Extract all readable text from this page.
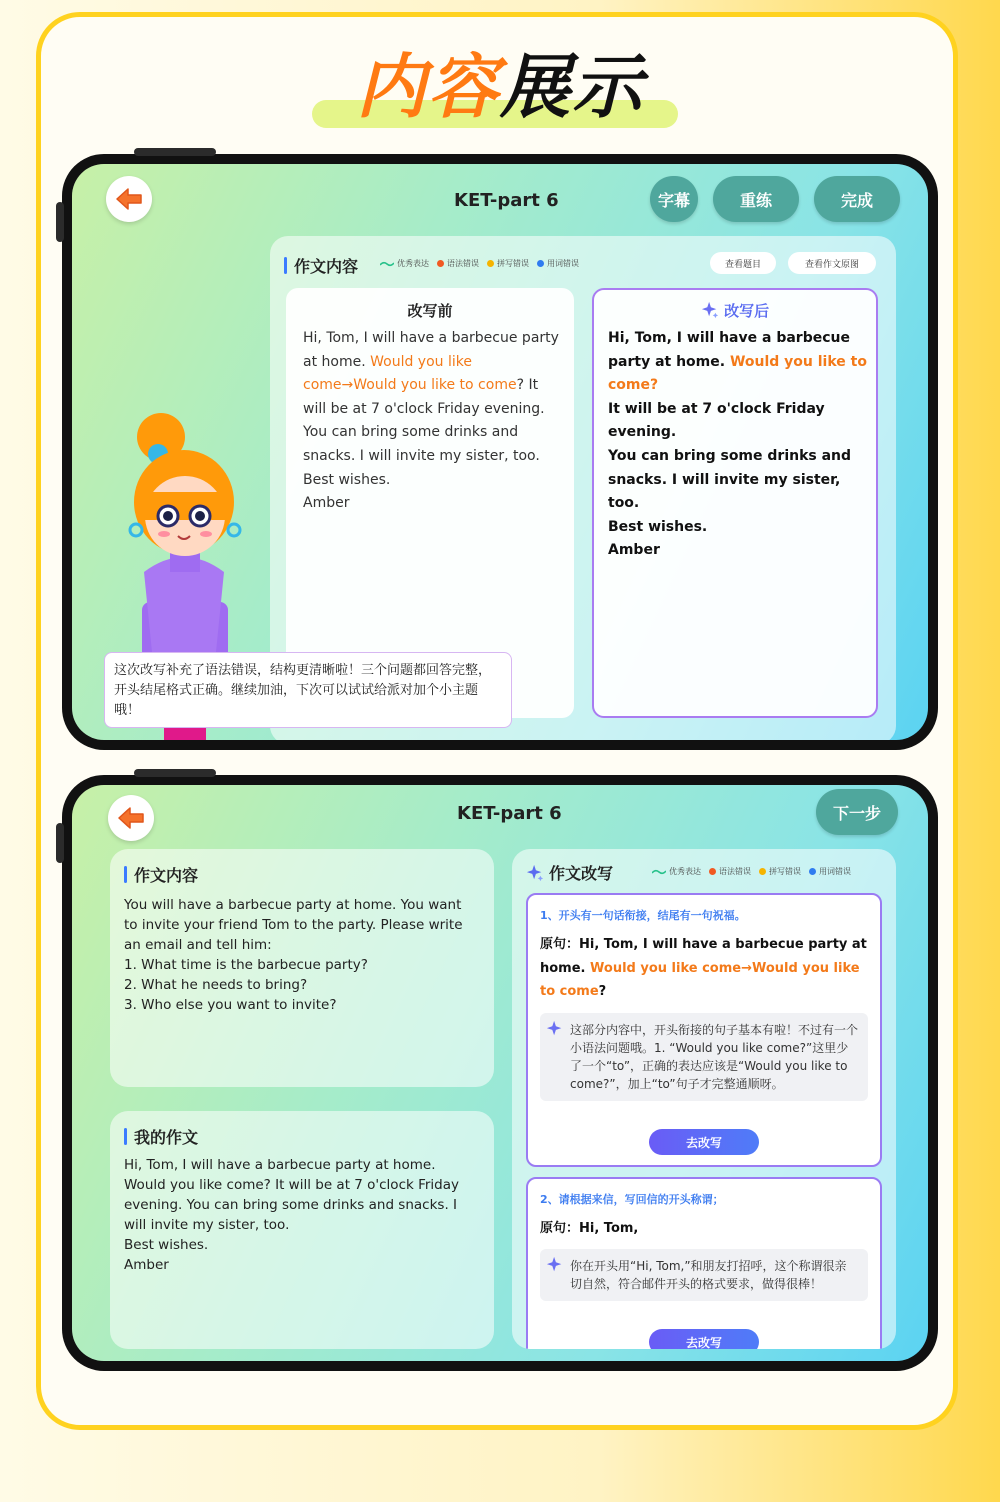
内容展示
KET-part 6	字幕	重练	完成
作文内容	优秀表达 语法错误 拼写错误 用词错误	查看题目	查看作文原图
改写前
Hi, Tom, I will have a barbecue party
at home. Would you like
come→Would you like to come? It
will be at 7 o'clock Friday evening.
You can bring some drinks and
snacks. I will invite my sister, too.
Best wishes.
Amber
改写后
Hi, Tom, I will have a barbecue
party at home. Would you like to
come?
It will be at 7 o'clock Friday
evening.
You can bring some drinks and
snacks. I will invite my sister, too.
Best wishes.
Amber
这次改写补充了语法错误，结构更清晰啦！三个问题都回答完整，开头结尾格式正确。继续加油，下次可以试试给派对加个小主题哦！
KET-part 6	下一步
作文内容
You will have a barbecue party at home. You want
to invite your friend Tom to the party. Please write
an email and tell him:
1. What time is the barbecue party?
2. What he needs to bring?
3. Who else you want to invite?
我的作文
Hi, Tom, I will have a barbecue party at home.
Would you like come? It will be at 7 o'clock Friday
evening. You can bring some drinks and snacks. I
will invite my sister, too.
Best wishes.
Amber
作文改写	优秀表达 语法错误 拼写错误 用词错误
1、开头有一句话衔接，结尾有一句祝福。
原句：Hi, Tom, I will have a barbecue party at
home. Would you like come→Would you like
to come?
这部分内容中，开头衔接的句子基本有啦！不过有一个小语法问题哦。1. “Would you like come?”这里少了一个“to”，正确的表达应该是“Would you like to come?”，加上“to”句子才完整通顺呀。
去改写
2、请根据来信，写回信的开头称谓；
原句：Hi, Tom,
你在开头用“Hi, Tom,”和朋友打招呼，这个称谓很亲切自然，符合邮件开头的格式要求，做得很棒！
去改写
